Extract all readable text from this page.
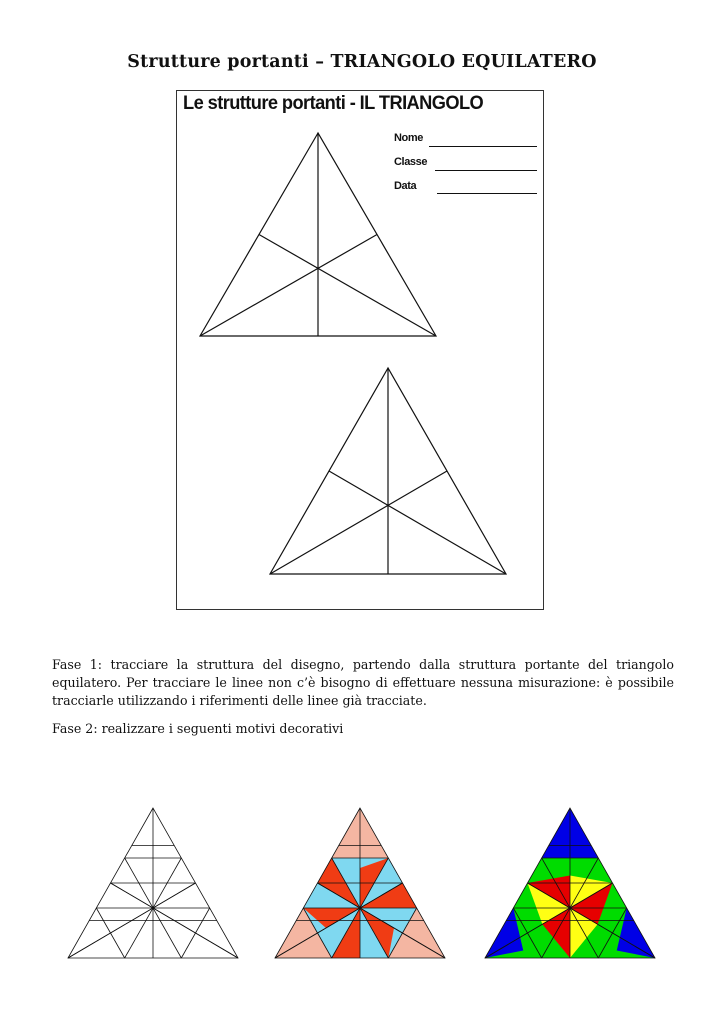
Strutture portanti – TRIANGOLO EQUILATERO
Le strutture portanti - IL TRIANGOLO
Nome
Classe
Data
Fase 1: tracciare la struttura del disegno, partendo dalla struttura portante del triangolo equilatero. Per tracciare le linee non c’è bisogno di effettuare nessuna misurazione: è possibile tracciarle utilizzando i riferimenti delle linee già tracciate.
Fase 2: realizzare i seguenti motivi decorativi
